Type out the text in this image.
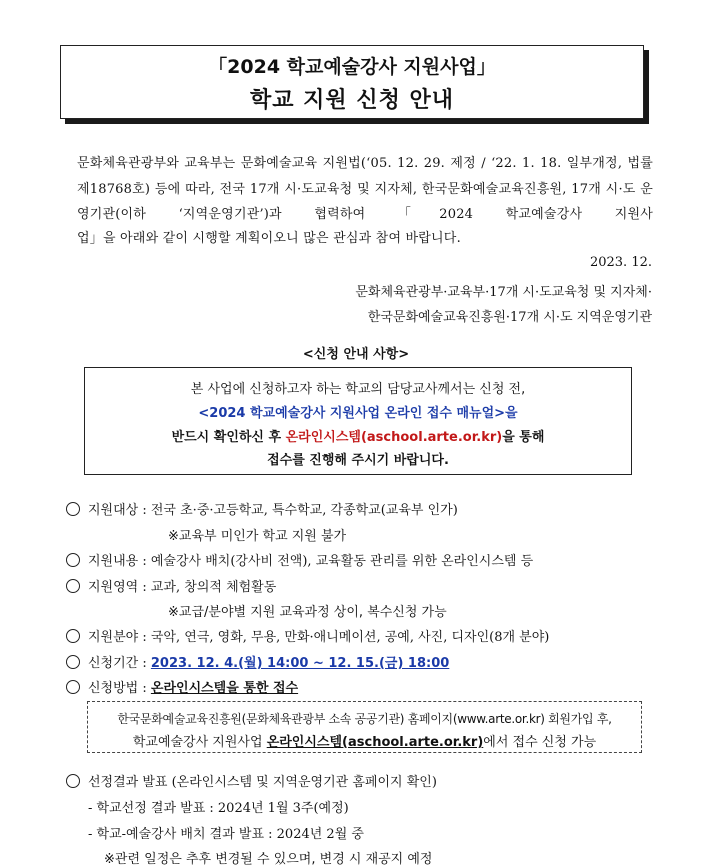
「2024 학교예술강사 지원사업」
학교 지원 신청 안내
문화체육관광부와 교육부는 문화예술교육 지원법(‘05. 12. 29. 제정 / ‘22. 1. 18. 일부개정, 법률 제18768호) 등에 따라, 전국 17개 시·도교육청 및 지자체, 한국문화예술교육진흥원, 17개 시·도 운영기관(이하 ‘지역운영기관’)과 협력하여 「2024 학교예술강사 지원사
업」을 아래와 같이 시행할 계획이오니 많은 관심과 참여 바랍니다.
2023. 12.
문화체육관광부·교육부·17개 시·도교육청 및 지자체·
한국문화예술교육진흥원·17개 시·도 지역운영기관
<신청 안내 사항>
본 사업에 신청하고자 하는 학교의 담당교사께서는 신청 전,
<2024 학교예술강사 지원사업 온라인 접수 매뉴얼>을
반드시 확인하신 후 온라인시스템(aschool.arte.or.kr)을 통해
접수를 진행해 주시기 바랍니다.
지원대상 : 전국 초·중·고등학교, 특수학교, 각종학교(교육부 인가)
※교육부 미인가 학교 지원 불가
지원내용 : 예술강사 배치(강사비 전액), 교육활동 관리를 위한 온라인시스템 등
지원영역 : 교과, 창의적 체험활동
※교급/분야별 지원 교육과정 상이, 복수신청 가능
지원분야 : 국악, 연극, 영화, 무용, 만화·애니메이션, 공예, 사진, 디자인(8개 분야)
신청기간 : 2023. 12. 4.(월) 14:00 ~ 12. 15.(금) 18:00
신청방법 : 온라인시스템을 통한 접수
한국문화예술교육진흥원(문화체육관광부 소속 공공기관) 홈페이지(www.arte.or.kr) 회원가입 후,
학교예술강사 지원사업 온라인시스템(aschool.arte.or.kr)에서 접수 신청 가능
선정결과 발표 (온라인시스템 및 지역운영기관 홈페이지 확인)
- 학교선정 결과 발표 : 2024년 1월 3주(예정)
- 학교-예술강사 배치 결과 발표 : 2024년 2월 중
※관련 일정은 추후 변경될 수 있으며, 변경 시 재공지 예정
